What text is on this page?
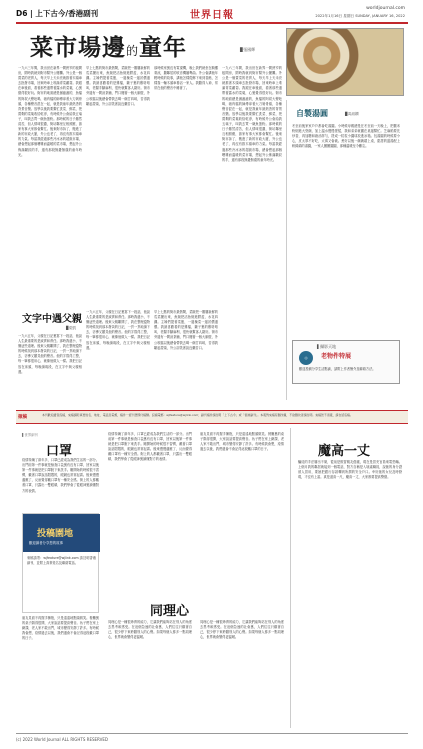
D6 | 上下古今/香港副刊	世界日報
worldjournal.com
2022年1月16日 星期日 SUNDAY, JANUARY 16, 2022
菜市場邊的童年	▉張國輝
一九六三年間，我出世在新界一間狹窄的板間房，閑時我就到街市幫外公擺攤。外公是一個賣菜的老實人，每天早上天未亮就推著木頭車去批發市場，回來時車上堆滿青菜蘿蔔。我跟在車後面，看著那些還帶著露水的菜葉，心裏覺得很好玩。街市的地面總是濕漉漉的，魚檔的阿叔大聲吆喝，豬肉檔的師傅拿著大刀剁骨頭，各種聲音混在一起，就是我童年最熟悉的背景音樂。放學以後我要幫忙洗菜、綁菜，把賣剩的菜葉收拾乾淨，有時候外公會給我五毫子，叫我去買一碗魚蛋粉。那時候的日子雖然清苦，但人情味很濃，街坊鄰里互相照應，誰家有事大家都會幫忙。後來街市拆了，搬進了新的市政大廈，外公也老了，再沒有推木頭車的力氣。每當我經過那些冷冰冰的超級市場，總會想起那個嘈雜而溫暖的菜市場，想起外公佈滿皺紋的手，還有那段無憂無慮的童年時光。
早上七點的街市最熱鬧，菜販把一籮籮新鮮的瓜菜擺出來，魚販把活魚倒進膠盆，水花四濺。主婦們提著菜籃，一邊揀菜一邊討價還價。我最喜歡看的是雞檔，籠子裏的雞咯咯叫，老闆手腳麻利，很快就幫客人劏好。街市旁邊有一間涼茶舖，門口擺著一個大銅壺，外公收檔以後總會帶我去喝一碗廿四味，苦得我皺起眉頭，外公卻笑著說良藥苦口。
那時候家裏沒有電視機，晚上我們就坐在騎樓乘涼，聽鄰居的收音機播粵曲。外公會講他年輕時候的故事，講他怎樣從鄉下來到香港，怎樣靠一輛木頭車養活一家人。我聽得入神，常常在他的聲音中睡著了。
一九六三年間，我出世在新界一間狹窄的板間房，閑時我就到街市幫外公擺攤。外公是一個賣菜的老實人，每天早上天未亮就推著木頭車去批發市場，回來時車上堆滿青菜蘿蔔。我跟在車後面，看著那些還帶著露水的菜葉，心裏覺得很好玩。街市的地面總是濕漉漉的，魚檔的阿叔大聲吆喝，豬肉檔的師傅拿著大刀剁骨頭，各種聲音混在一起，就是我童年最熟悉的背景音樂。放學以後我要幫忙洗菜、綁菜，把賣剩的菜葉收拾乾淨，有時候外公會給我五毫子，叫我去買一碗魚蛋粉。那時候的日子雖然清苦，但人情味很濃，街坊鄰里互相照應，誰家有事大家都會幫忙。後來街市拆了，搬進了新的市政大廈，外公也老了，再沒有推木頭車的力氣。每當我經過那些冷冰冰的超級市場，總會想起那個嘈雜而溫暖的菜市場，想起外公佈滿皺紋的手，還有那段無憂無慮的童年時光。
自製湯圓	▉黃淑嫻
冬至前後家家戶戶都會吃湯圓。小時候母親總是在冬至前一天晚上，把糯米粉倒進大瓷碗，加上溫水慢慢搓揉，我和弟弟就圍在桌邊幫忙。芝麻餡要先炒香，再加糖和豬油拌勻，搓成一粒粒小圓球放進冰箱。包湯圓的時候要小心，皮太厚不好吃，太薄又會破。煮好以後一碗碗端上桌，甜甜的薑湯配上軟綿綿的湯圓，一家人團團圓圓，那種溫暖至今難忘。
◎
▌攝影天地
老物件特展
歡迎投稿分享生活點滴，請附上作者簡介及聯絡方法。
文字中遇父親
▉梁凱
一九六五年，父親在日記裏寫下一段話，他說人生最重要的是誠實和責任。那時我還小，不懂這些道理。後來父親離開了，我在整理遺物的時候找到那本發黃的日記，一頁一頁地讀下去，彷彿又聽見他的聲音。他的字寫得工整，每一筆都很用心，就像他做人一樣。我把日記放在床頭，每晚讀幾段，在文字中與父親相遇。
一九六五年，父親在日記裏寫下一段話，他說人生最重要的是誠實和責任。那時我還小，不懂這些道理。後來父親離開了，我在整理遺物的時候找到那本發黃的日記，一頁一頁地讀下去，彷彿又聽見他的聲音。他的字寫得工整，每一筆都很用心，就像他做人一樣。我把日記放在床頭，每晚讀幾段，在文字中與父親相遇。
早上七點的街市最熱鬧，菜販把一籮籮新鮮的瓜菜擺出來，魚販把活魚倒進膠盆，水花四濺。主婦們提著菜籃，一邊揀菜一邊討價還價。我最喜歡看的是雞檔，籠子裏的雞咯咯叫，老闆手腳麻利，很快就幫客人劏好。街市旁邊有一間涼茶舖，門口擺著一個大銅壺，外公收檔以後總會帶我去喝一碗廿四味，苦得我皺起眉頭，外公卻笑著說良藥苦口。
徵稿	本刊歡迎讀者投稿，來稿請附真實姓名、地址、電話及電郵，稿件一經刊登即付稿酬。投稿電郵：wjfeature@wjlink.com；副刊稿件請註明「上下古今」或「香港副刊」。本報對來稿有刪改權，不欲刪改者請註明。來稿恕不退還，請自留底稿。
▌世界副刊
口罩
疫情持續了兩年多，口罩已經成為我們生活的一部分。出門前第一件事就是檢查口袋裏有沒有口罩，回家以後第一件事就是把口罩脫下來洗手。剛開始的時候很不習慣，戴著口罩說話悶悶的，眼鏡也常常起霧。後來慢慢適應了，反而覺得戴口罩有一種安全感。街上的人都戴著口罩，只露出一雙眼睛，我們學會了從眼神裏讀懂對方的表情。
投稿園地
歡迎讀者分享您的故事
來稿請寄：wjfeature@wjlink.com 請註明香港副刊，並附上真實姓名及聯絡電話。
朋友見面不再握手擁抱，只是遠遠地點頭微笑。餐廳裏的桌子隔得很開，大家說話要提高聲音。孩子們在家上網課，老人家不敢出門，城市變得安靜了許多。有時候我會想，疫情過去以後，我們還會不會記得這段戴口罩的日子。
疫情持續了兩年多，口罩已經成為我們生活的一部分。出門前第一件事就是檢查口袋裏有沒有口罩，回家以後第一件事就是把口罩脫下來洗手。剛開始的時候很不習慣，戴著口罩說話悶悶的，眼鏡也常常起霧。後來慢慢適應了，反而覺得戴口罩有一種安全感。街上的人都戴著口罩，只露出一雙眼睛，我們學會了從眼神裏讀懂對方的表情。
朋友見面不再握手擁抱，只是遠遠地點頭微笑。餐廳裏的桌子隔得很開，大家說話要提高聲音。孩子們在家上網課，老人家不敢出門，城市變得安靜了許多。有時候我會想，疫情過去以後，我們還會不會記得這段戴口罩的日子。	魔高一丈
騙徒的手法層出不窮，從前是假冒親友借錢，現在是冒充官員來電恐嚇。上個月我的鄰居就接到一個電話，對方自稱是入境處職員，說她的身分證被人冒用，要她把銀行存款轉到所謂的安全戶口。幸好她的女兒及時發現，才沒有上當。真是道高一尺，魔高一丈，大家都要提高警覺。
同理心
同理心是一種很珍貴的能力，它讓我們能夠站在別人的角度去思考和感受。在這個急速的社會裏，人們往往只顧著自己，很少停下來聆聽別人的心聲。如果每個人都多一點同理心，世界就會變得更溫暖。
同理心是一種很珍貴的能力，它讓我們能夠站在別人的角度去思考和感受。在這個急速的社會裏，人們往往只顧著自己，很少停下來聆聽別人的心聲。如果每個人都多一點同理心，世界就會變得更溫暖。
(c) 2022 World Journal ALL RIGHTS RESERVED
